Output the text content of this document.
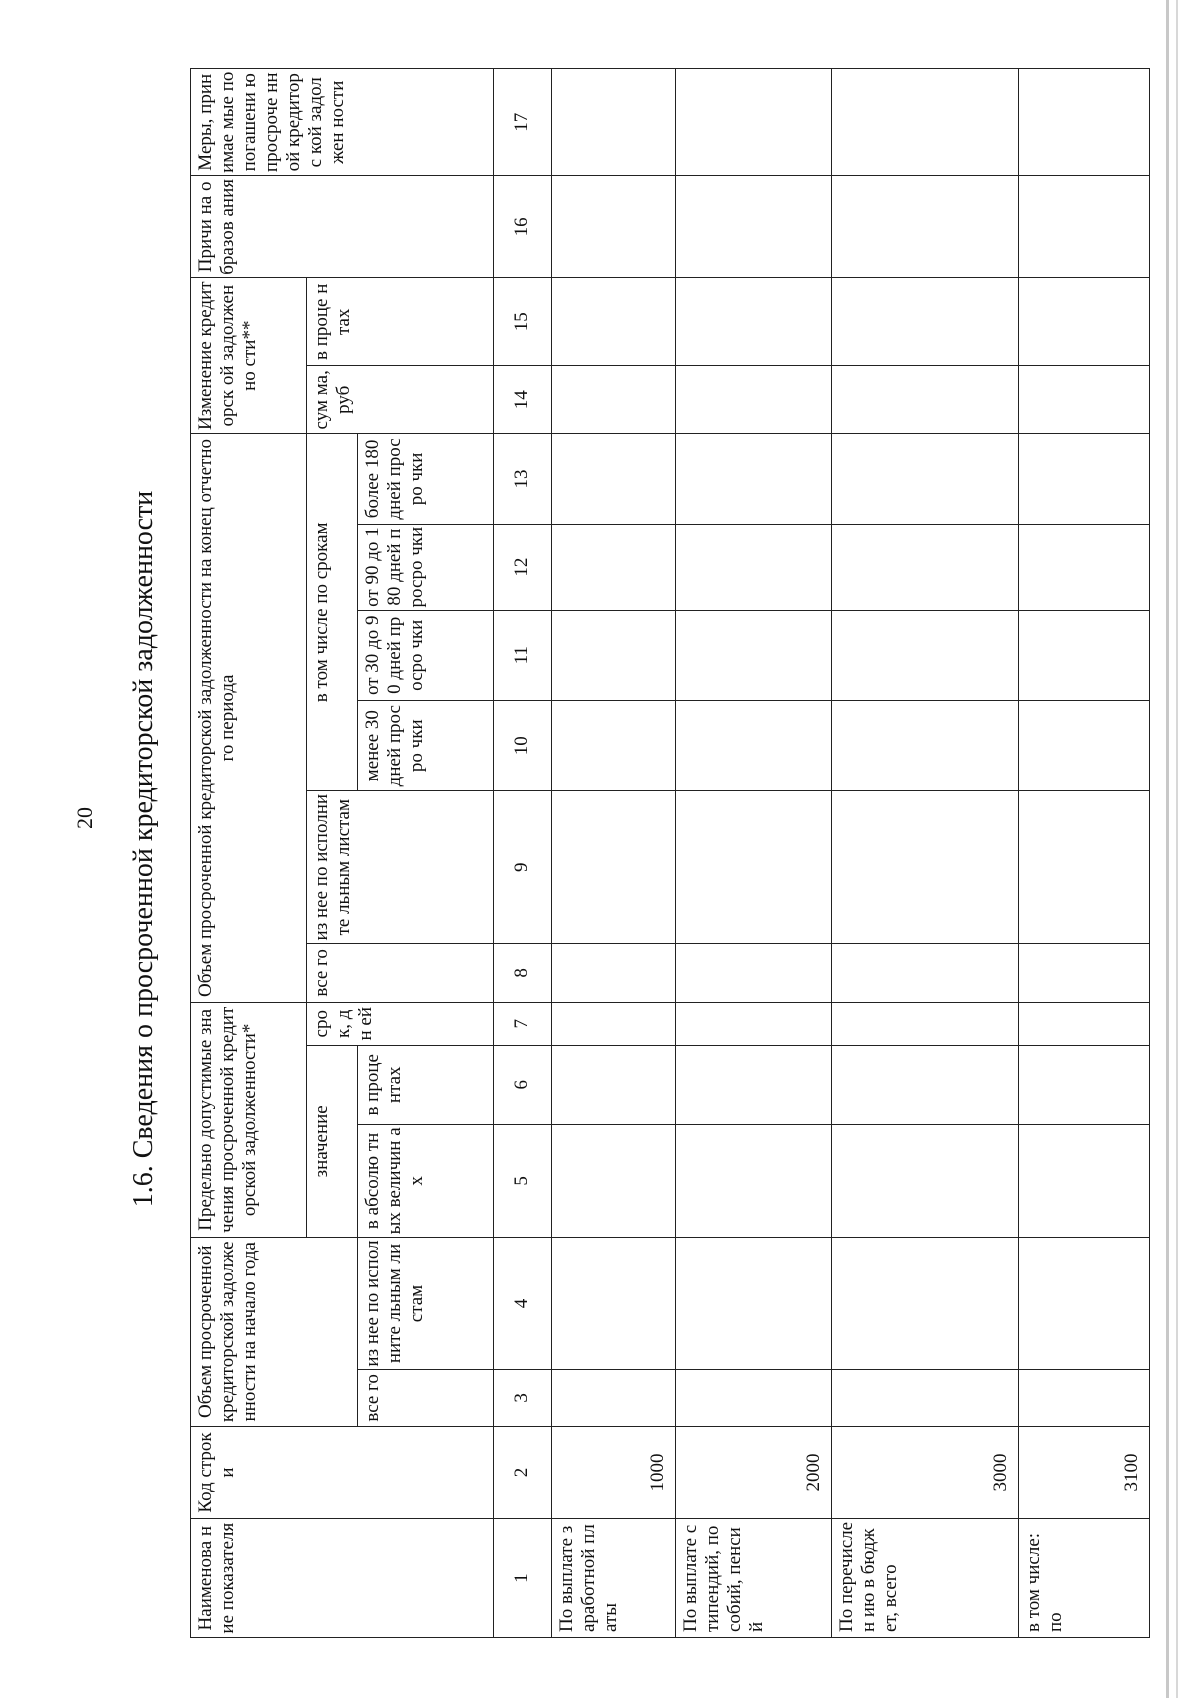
20 1.6. Сведения о просроченной кредиторской задолженности
Наименова ние показателя	Код строки	Объем просроченной кредиторской задолженности на начало года		Предельно допустимые значения просроченной кредиторской задолженности*			Объем просроченной кредиторской задолженности на конец отчетного периода						Изменение кредиторск ой задолженно сти**		Причи на образов ания	Меры, принимае мые по погашени ю просроче нной кредиторс кой задолжен ности
				значение		сро к, дн ей	все го	из нее по исполните льным листам	в том числе по срокам				сум ма, руб	в проце нтах		
		все го	из нее по исполните льным листам	в абсолю тных величин ах	в проце нтах				менее 30 дней просро чки	от 30 до 90 дней просро чки	от 90 до 180 дней просро чки	более 180 дней просро чки				
1	2	3	4	5	6	7	8	9	10	11	12	13	14	15	16	17
По выплате заработной платы	1000															
По выплате стипендий, пособий, пенсий	2000															
По перечислен ию в бюджет, всего	3000															
в том числе: по	3100															
